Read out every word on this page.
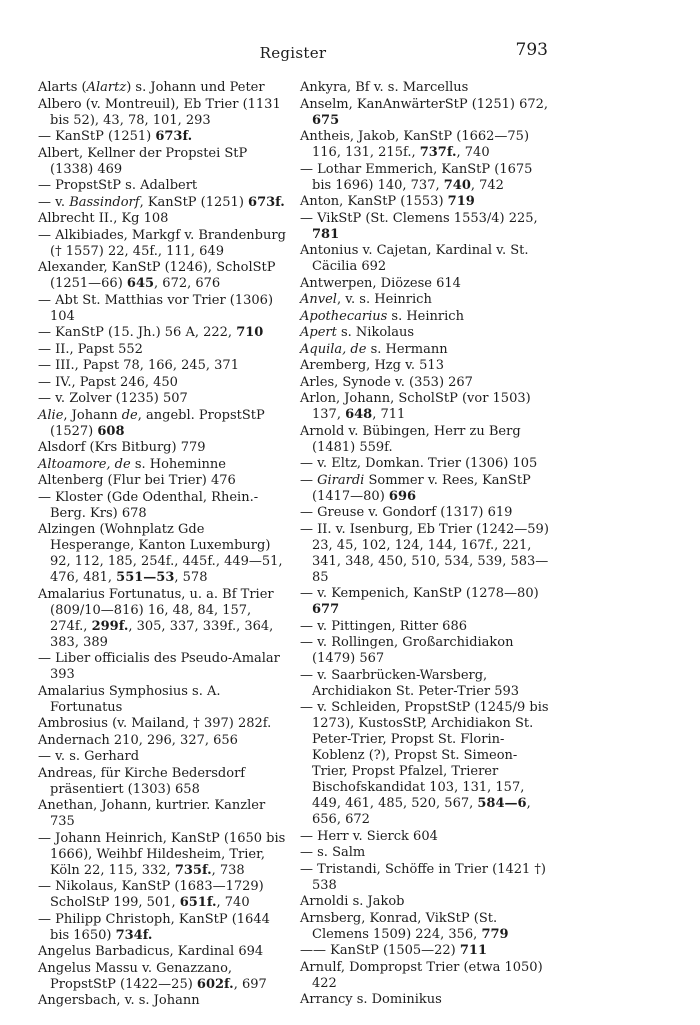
Register	793

Alarts (Alartz) s. Johann und Peter

Albero (v. Montreuil), Eb Trier (1131 bis 52), 43, 78, 101, 293

— KanStP (1251) 673f.

Albert, Kellner der Propstei StP (1338) 469

— PropstStP s. Adalbert

— v. Bassindorf, KanStP (1251) 673f.

Albrecht II., Kg 108

— Alkibiades, Markgf v. Brandenburg († 1557) 22, 45f., 111, 649

Alexander, KanStP (1246), ScholStP (1251—66) 645, 672, 676

— Abt St. Matthias vor Trier (1306) 104

— KanStP (15. Jh.) 56 A, 222, 710

— II., Papst 552

— III., Papst 78, 166, 245, 371

— IV., Papst 246, 450

— v. Zolver (1235) 507

Alie, Johann de, angebl. PropstStP (1527) 608

Alsdorf (Krs Bitburg) 779

Altoamore, de s. Hoheminne

Altenberg (Flur bei Trier) 476

— Kloster (Gde Odenthal, Rhein.-Berg. Krs) 678

Alzingen (Wohnplatz Gde Hesperange, Kanton Luxemburg) 92, 112, 185, 254f., 445f., 449—51, 476, 481, 551—53, 578

Amalarius Fortunatus, u. a. Bf Trier (809/10—816) 16, 48, 84, 157, 274f., 299f., 305, 337, 339f., 364, 383, 389

— Liber officialis des Pseudo-Amalar 393

Amalarius Symphosius s. A. Fortunatus

Ambrosius (v. Mailand, † 397) 282f.

Andernach 210, 296, 327, 656

— v. s. Gerhard

Andreas, für Kirche Bedersdorf präsentiert (1303) 658

Anethan, Johann, kurtrier. Kanzler 735

— Johann Heinrich, KanStP (1650 bis 1666), Weihbf Hildesheim, Trier, Köln 22, 115, 332, 735f., 738

— Nikolaus, KanStP (1683—1729) ScholStP 199, 501, 651f., 740

— Philipp Christoph, KanStP (1644 bis 1650) 734f.

Angelus Barbadicus, Kardinal 694

Angelus Massu v. Genazzano, PropstStP (1422—25) 602f., 697

Angersbach, v. s. Johann

Ankyra, Bf v. s. Marcellus

Anselm, KanAnwärterStP (1251) 672, 675

Antheis, Jakob, KanStP (1662—75) 116, 131, 215f., 737f., 740

— Lothar Emmerich, KanStP (1675 bis 1696) 140, 737, 740, 742

Anton, KanStP (1553) 719

— VikStP (St. Clemens 1553/4) 225, 781

Antonius v. Cajetan, Kardinal v. St. Cäcilia 692

Antwerpen, Diözese 614

Anvel, v. s. Heinrich

Apothecarius s. Heinrich

Apert s. Nikolaus

Aquila, de s. Hermann

Aremberg, Hzg v. 513

Arles, Synode v. (353) 267

Arlon, Johann, ScholStP (vor 1503) 137, 648, 711

Arnold v. Bübingen, Herr zu Berg (1481) 559f.

— v. Eltz, Domkan. Trier (1306) 105

— Girardi Sommer v. Rees, KanStP (1417—80) 696

— Greuse v. Gondorf (1317) 619

— II. v. Isenburg, Eb Trier (1242—59) 23, 45, 102, 124, 144, 167f., 221, 341, 348, 450, 510, 534, 539, 583—85

— v. Kempenich, KanStP (1278—80) 677

— v. Pittingen, Ritter 686

— v. Rollingen, Großarchidiakon (1479) 567

— v. Saarbrücken-Warsberg, Archidiakon St. Peter-Trier 593

— v. Schleiden, PropstStP (1245/9 bis 1273), KustosStP, Archidiakon St. Peter-Trier, Propst St. Florin-Koblenz (?), Propst St. Simeon-Trier, Propst Pfalzel, Trierer Bischofskandidat 103, 131, 157, 449, 461, 485, 520, 567, 584—6, 656, 672

— Herr v. Sierck 604

— s. Salm

— Tristandi, Schöffe in Trier (1421 †) 538

Arnoldi s. Jakob

Arnsberg, Konrad, VikStP (St. Clemens 1509) 224, 356, 779

—— KanStP (1505—22) 711

Arnulf, Dompropst Trier (etwa 1050) 422

Arrancy s. Dominikus
